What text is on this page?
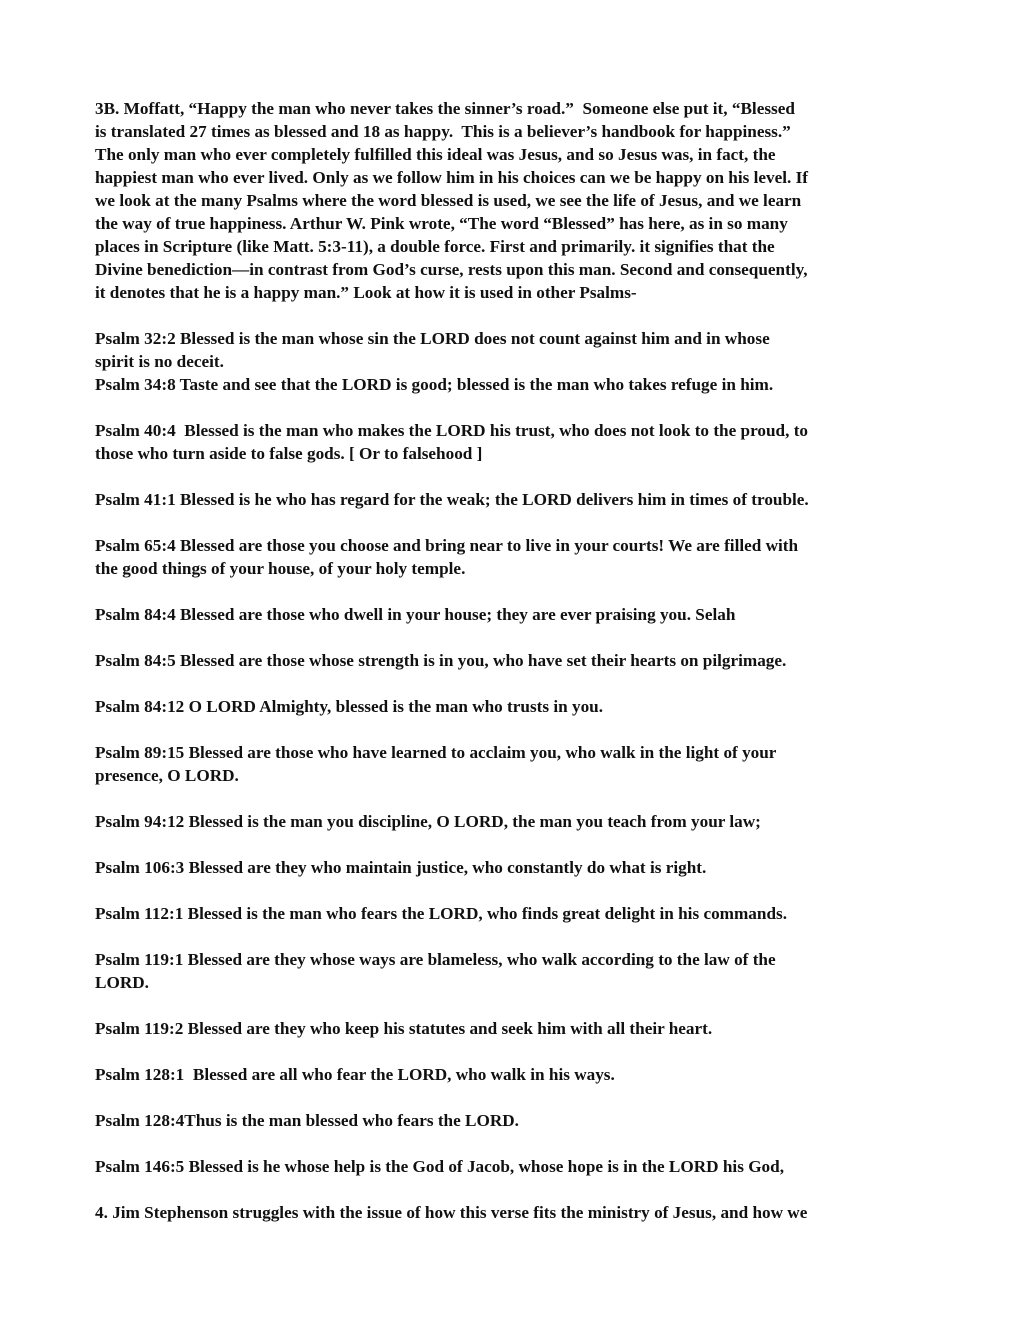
3B. Moffatt, “Happy the man who never takes the sinner’s road.”  Someone else put it, “Blessed
is translated 27 times as blessed and 18 as happy.  This is a believer’s handbook for happiness.”
The only man who ever completely fulfilled this ideal was Jesus, and so Jesus was, in fact, the
happiest man who ever lived. Only as we follow him in his choices can we be happy on his level. If
we look at the many Psalms where the word blessed is used, we see the life of Jesus, and we learn
the way of true happiness. Arthur W. Pink wrote, “The word “Blessed” has here, as in so many
places in Scripture (like Matt. 5:3-11), a double force. First and primarily. it signifies that the
Divine benediction—in contrast from God’s curse, rests upon this man. Second and consequently,
it denotes that he is a happy man.” Look at how it is used in other Psalms-

Psalm 32:2 Blessed is the man whose sin the LORD does not count against him and in whose
spirit is no deceit.

Psalm 34:8 Taste and see that the LORD is good; blessed is the man who takes refuge in him.

Psalm 40:4  Blessed is the man who makes the LORD his trust, who does not look to the proud, to
those who turn aside to false gods. [ Or to falsehood ]

Psalm 41:1 Blessed is he who has regard for the weak; the LORD delivers him in times of trouble.

Psalm 65:4 Blessed are those you choose and bring near to live in your courts! We are filled with
the good things of your house, of your holy temple.

Psalm 84:4 Blessed are those who dwell in your house; they are ever praising you. Selah

Psalm 84:5 Blessed are those whose strength is in you, who have set their hearts on pilgrimage.

Psalm 84:12 O LORD Almighty, blessed is the man who trusts in you.

Psalm 89:15 Blessed are those who have learned to acclaim you, who walk in the light of your
presence, O LORD.

Psalm 94:12 Blessed is the man you discipline, O LORD, the man you teach from your law;

Psalm 106:3 Blessed are they who maintain justice, who constantly do what is right.

Psalm 112:1 Blessed is the man who fears the LORD, who finds great delight in his commands.

Psalm 119:1 Blessed are they whose ways are blameless, who walk according to the law of the
LORD.

Psalm 119:2 Blessed are they who keep his statutes and seek him with all their heart.

Psalm 128:1  Blessed are all who fear the LORD, who walk in his ways.

Psalm 128:4Thus is the man blessed who fears the LORD.

Psalm 146:5 Blessed is he whose help is the God of Jacob, whose hope is in the LORD his God,

4. Jim Stephenson struggles with the issue of how this verse fits the ministry of Jesus, and how we
